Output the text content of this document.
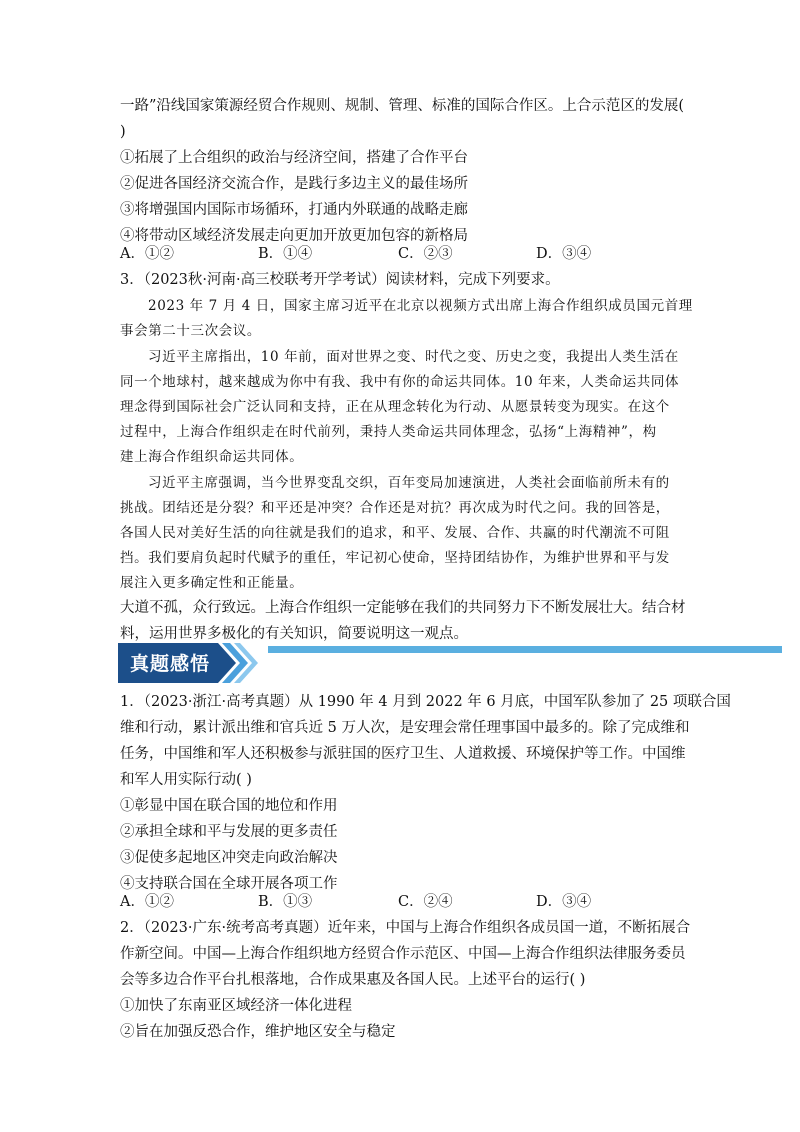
一路”沿线国家策源经贸合作规则、规制、管理、标准的国际合作区。上合示范区的发展(
)
①拓展了上合组织的政治与经济空间，搭建了合作平台
②促进各国经济交流合作，是践行多边主义的最佳场所
③将增强国内国际市场循环，打通内外联通的战略走廊
④将带动区域经济发展走向更加开放更加包容的新格局
A．①②	B．①④	C．②③	D．③④
3．（2023秋·河南·高三校联考开学考试）阅读材料，完成下列要求。
2023 年 7 月 4 日，国家主席习近平在北京以视频方式出席上海合作组织成员国元首理
事会第二十三次会议。
习近平主席指出，10 年前，面对世界之变、时代之变、历史之变，我提出人类生活在
同一个地球村，越来越成为你中有我、我中有你的命运共同体。10 年来，人类命运共同体
理念得到国际社会广泛认同和支持，正在从理念转化为行动、从愿景转变为现实。在这个
过程中，上海合作组织走在时代前列，秉持人类命运共同体理念，弘扬“上海精神”，构
建上海合作组织命运共同体。
习近平主席强调，当今世界变乱交织，百年变局加速演进，人类社会面临前所未有的
挑战。团结还是分裂？和平还是冲突？合作还是对抗？再次成为时代之问。我的回答是，
各国人民对美好生活的向往就是我们的追求，和平、发展、合作、共赢的时代潮流不可阻
挡。我们要肩负起时代赋予的重任，牢记初心使命，坚持团结协作，为维护世界和平与发
展注入更多确定性和正能量。
大道不孤，众行致远。上海合作组织一定能够在我们的共同努力下不断发展壮大。结合材
料，运用世界多极化的有关知识，简要说明这一观点。
真题感悟
1．（2023·浙江·高考真题）从 1990 年 4 月到 2022 年 6 月底，中国军队参加了 25 项联合国
维和行动，累计派出维和官兵近 5 万人次，是安理会常任理事国中最多的。除了完成维和
任务，中国维和军人还积极参与派驻国的医疗卫生、人道救援、环境保护等工作。中国维
和军人用实际行动( )
①彰显中国在联合国的地位和作用
②承担全球和平与发展的更多责任
③促使多起地区冲突走向政治解决
④支持联合国在全球开展各项工作
A．①②	B．①③	C．②④	D．③④
2．（2023·广东·统考高考真题）近年来，中国与上海合作组织各成员国一道，不断拓展合
作新空间。中国—上海合作组织地方经贸合作示范区、中国—上海合作组织法律服务委员
会等多边合作平台扎根落地，合作成果惠及各国人民。上述平台的运行( )
①加快了东南亚区域经济一体化进程
②旨在加强反恐合作，维护地区安全与稳定
